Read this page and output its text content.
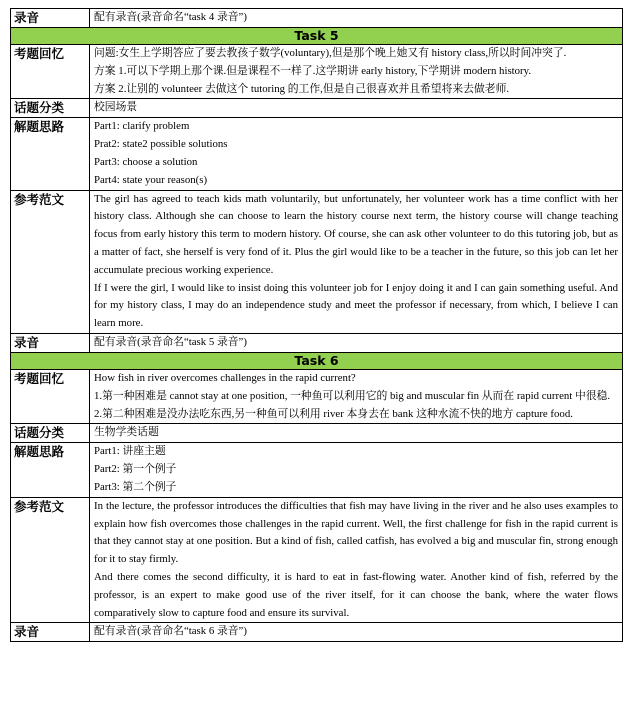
录音	配有录音(录音命名“task 4 录音”)
Task 5	
考题回忆	问题:女生上学期答应了要去教孩子数学(voluntary),但是那个晚上她又有 history class,所以时间冲突了.
方案 1.可以下学期上那个课.但是课程不一样了.这学期讲 early history,下学期讲 modern history.
方案 2.让别的 volunteer 去做这个 tutoring 的工作,但是自己很喜欢并且希望将来去做老师.

话题分类	校园场景
解题思路	Part1: clarify problem
Prat2: state2 possible solutions
Part3: choose a solution
Part4: state your reason(s)

参考范文	The girl has agreed to teach kids math voluntarily, but unfortunately, her volunteer work has a time conflict with her history class. Although she can choose to learn the history course next term, the history course will change teaching focus from early history this term to modern history. Of course, she can ask other volunteer to do this tutoring job, but as a matter of fact, she herself is very fond of it. Plus the girl would like to be a teacher in the future, so this job can let her accumulate precious working experience.
If I were the girl, I would like to insist doing this volunteer job for I enjoy doing it and I can gain something useful. And for my history class, I may do an independence study and meet the professor if necessary, from which, I believe I can learn more.

录音	配有录音(录音命名“task 5 录音”)
Task 6	
考题回忆	How fish in river overcomes challenges in the rapid current?
1.第一种困难是 cannot stay at one position, 一种鱼可以利用它的 big and muscular fin 从而在 rapid current 中很稳.
2.第二种困难是没办法吃东西,另一种鱼可以利用 river 本身去在 bank 这种水流不快的地方 capture food.

话题分类	生物学类话题
解题思路	Part1: 讲座主题
Part2: 第一个例子
Part3: 第二个例子

参考范文	In the lecture, the professor introduces the difficulties that fish may have living in the river and he also uses examples to explain how fish overcomes those challenges in the rapid current. Well, the first challenge for fish in the rapid current is that they cannot stay at one position. But a kind of fish, called catfish, has evolved a big and muscular fin, strong enough for it to stay firmly.
And there comes the second difficulty, it is hard to eat in fast-flowing water. Another kind of fish, referred by the professor, is an expert to make good use of the river itself, for it can choose the bank, where the water flows comparatively slow to capture food and ensure its survival.

录音	配有录音(录音命名“task 6 录音”)
